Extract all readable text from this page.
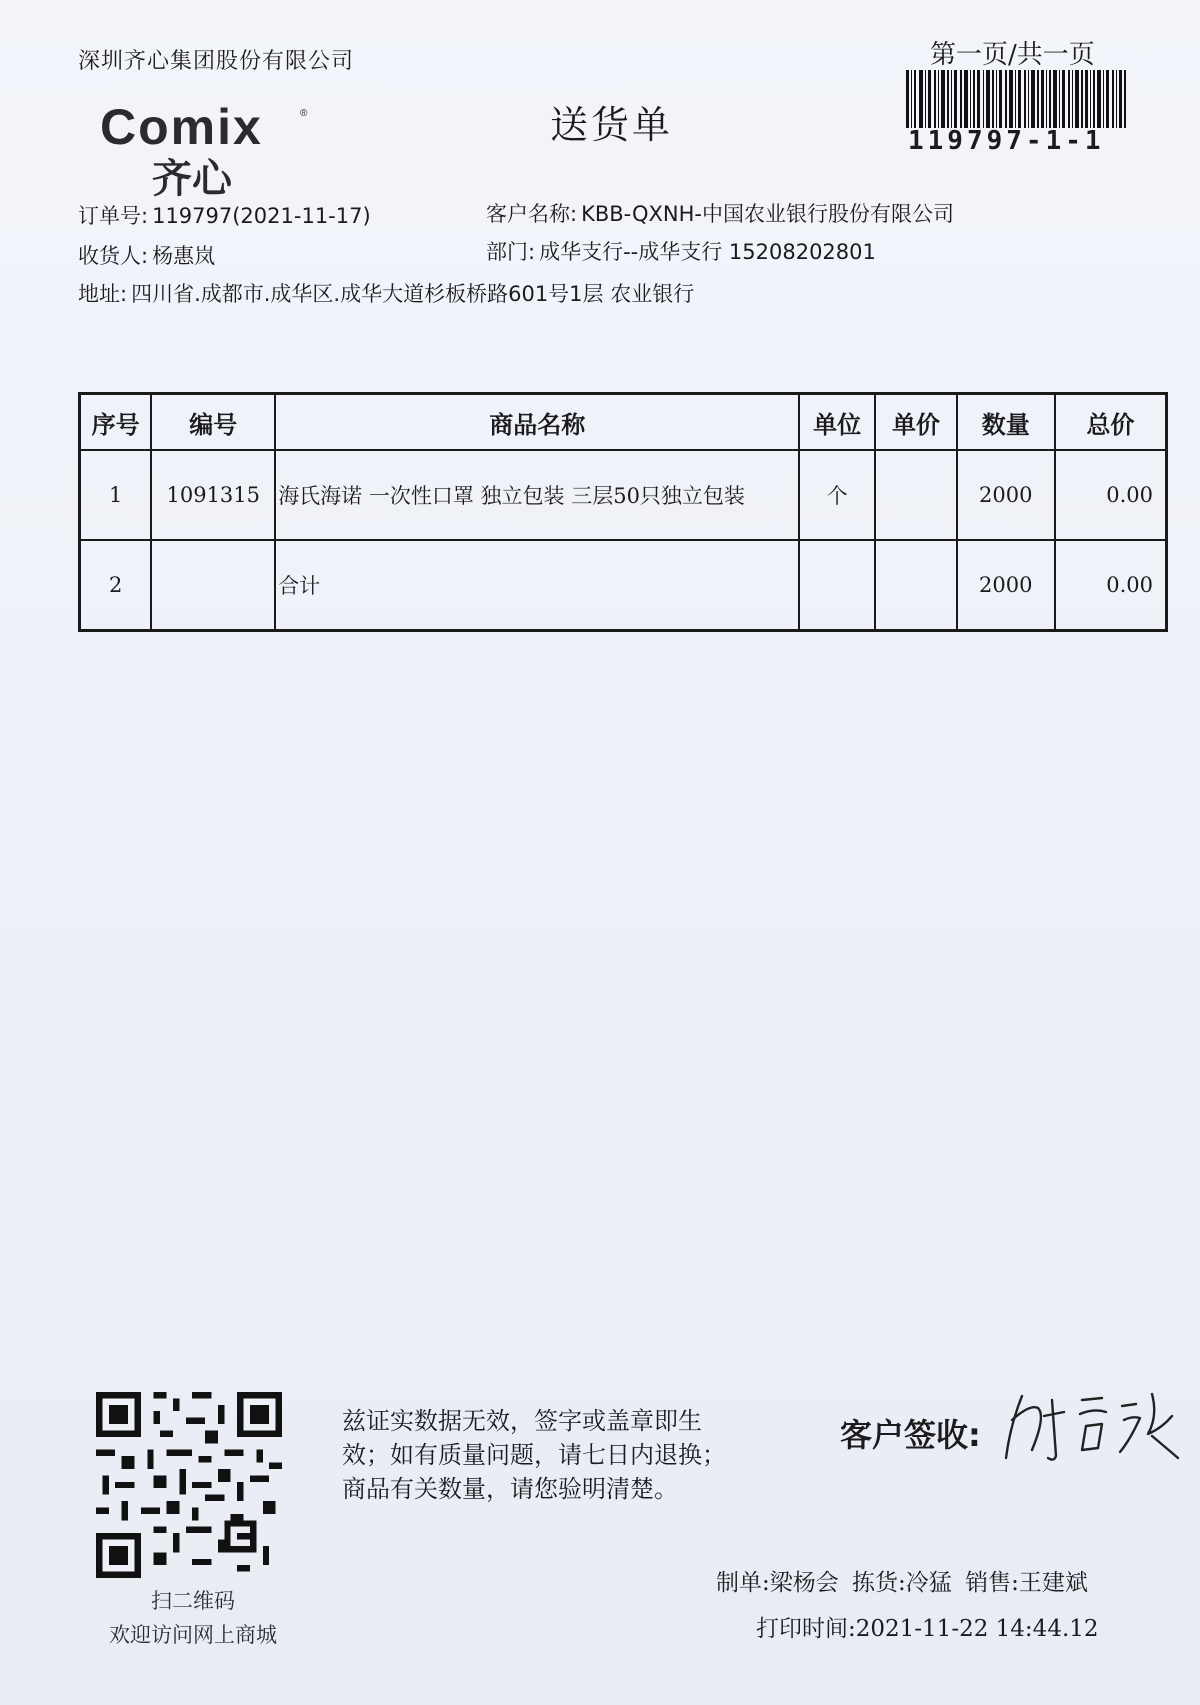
深圳齐心集团股份有限公司	第一页/共一页
119797-1-1
Comix	®
齐心
送货单
订单号: 119797(2021-11-17)	客户名称: KBB-QXNH-中国农业银行股份有限公司
收货人: 杨惠岚	部门: 成华支行--成华支行 15208202801
地址: 四川省.成都市.成华区.成华大道杉板桥路601号1层 农业银行
序号	编号	商品名称	单位	单价	数量	总价
1	1091315	海氏海诺 一次性口罩 独立包装 三层50只独立包装	个		2000	0.00
2		合计			2000	0.00
扫二维码
欢迎访问网上商城
兹证实数据无效，签字或盖章即生
效；如有质量问题，请七日内退换；
商品有关数量，请您验明清楚。
客户签收:
制单:梁杨会 拣货:冷猛 销售:王建斌
打印时间:2021-11-22 14:44.12
